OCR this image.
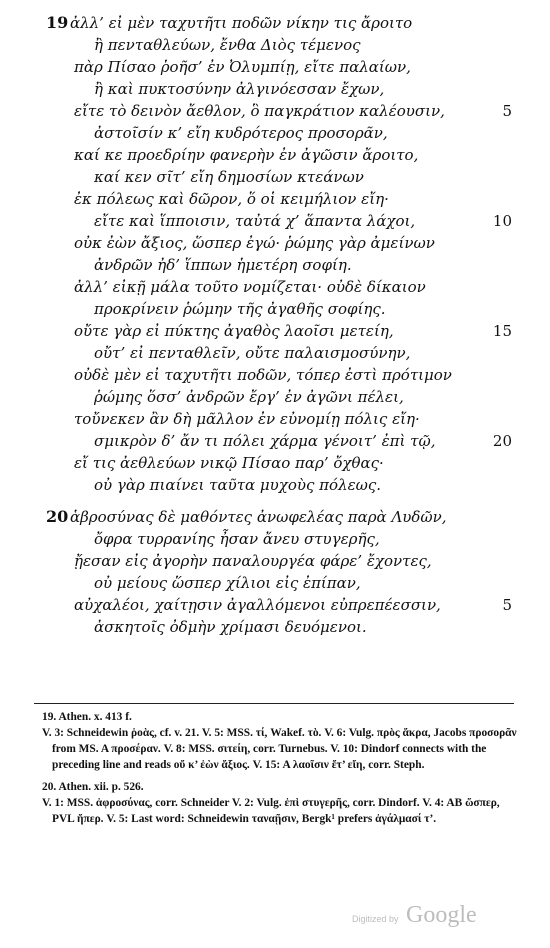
19 ἀλλ’ εἰ μὲν ταχυτῆτι ποδῶν νίκην τις ἄροιτο
ἢ πενταθλεύων, ἔνθα Διὸς τέμενος
πὰρ Πίσαο ῥοῆσ’ ἐν Ὀλυμπίῃ, εἴτε παλαίων,
ἢ καὶ πυκτοσύνην ἀλγινόεσσαν ἔχων,
εἴτε τὸ δεινὸν ἄεθλον, ὃ παγκράτιον καλέουσιν,	5
ἀστοῖσίν κ’ εἴη κυδρότερος προσορᾶν,
καί κε προεδρίην φανερὴν ἐν ἀγῶσιν ἄροιτο,
καί κεν σῖτ’ εἴη δημοσίων κτεάνων
ἐκ πόλεως καὶ δῶρον, ὅ οἱ κειμήλιον εἴη·
εἴτε καὶ ἵπποισιν, ταὐτά χ’ ἅπαντα λάχοι,	10
οὐκ ἐὼν ἄξιος, ὥσπερ ἐγώ· ῥώμης γὰρ ἀμείνων
ἀνδρῶν ἠδ’ ἵππων ἡμετέρη σοφίη.
ἀλλ’ εἰκῇ μάλα τοῦτο νομίζεται· οὐδὲ δίκαιον
προκρίνειν ῥώμην τῆς ἀγαθῆς σοφίης.
οὔτε γὰρ εἰ πύκτης ἀγαθὸς λαοῖσι μετείη,	15
οὔτ’ εἰ πενταθλεῖν, οὔτε παλαισμοσύνην,
οὐδὲ μὲν εἰ ταχυτῆτι ποδῶν, τόπερ ἐστὶ πρότιμον
ῥώμης ὅσσ’ ἀνδρῶν ἔργ’ ἐν ἀγῶνι πέλει,
τοὔνεκεν ἂν δὴ μᾶλλον ἐν εὐνομίῃ πόλις εἴη·
σμικρὸν δ’ ἄν τι πόλει χάρμα γένοιτ’ ἐπὶ τῷ,	20
εἴ τις ἀεθλεύων νικῷ Πίσαο παρ’ ὄχθας·
οὐ γὰρ πιαίνει ταῦτα μυχοὺς πόλεως.
20 ἁβροσύνας δὲ μαθόντες ἀνωφελέας παρὰ Λυδῶν,
ὄφρα τυρρανίης ἦσαν ἄνευ στυγερῆς,
ᾔεσαν εἰς ἀγορὴν παναλουργέα φάρε’ ἔχοντες,
οὐ μείους ὥσπερ χίλιοι εἰς ἐπίπαν,
αὐχαλέοι, χαίτῃσιν ἀγαλλόμενοι εὐπρεπέεσσιν,	5
ἀσκητοῖς ὀδμὴν χρίμασι δευόμενοι.

19. Athen. x. 413 f.

V. 3: Schneidewin ῥοὰς, cf. v. 21. V. 5: MSS. τί, Wakef. τὸ. V. 6: Vulg. πρὸς ἄκρα, Jacobs προσορᾶν from MS. A προσέραν. V. 8: MSS. σιτείη, corr. Turnebus. V. 10: Dindorf connects with the preceding line and reads οὔ κ’ ἐὼν ἄξιος. V. 15: A λαοῖσιν ἔτ’ εἴη, corr. Steph.

20. Athen. xii. p. 526.

V. 1: MSS. ἀφροσύνας, corr. Schneider V. 2: Vulg. ἐπὶ στυγερῆς, corr. Dindorf. V. 4: AB ὥσπερ, PVL ἤπερ. V. 5: Last word: Schneidewin ταναῇσιν, Bergk¹ prefers ἀγάλμασί τ’.

Digitized by Google
